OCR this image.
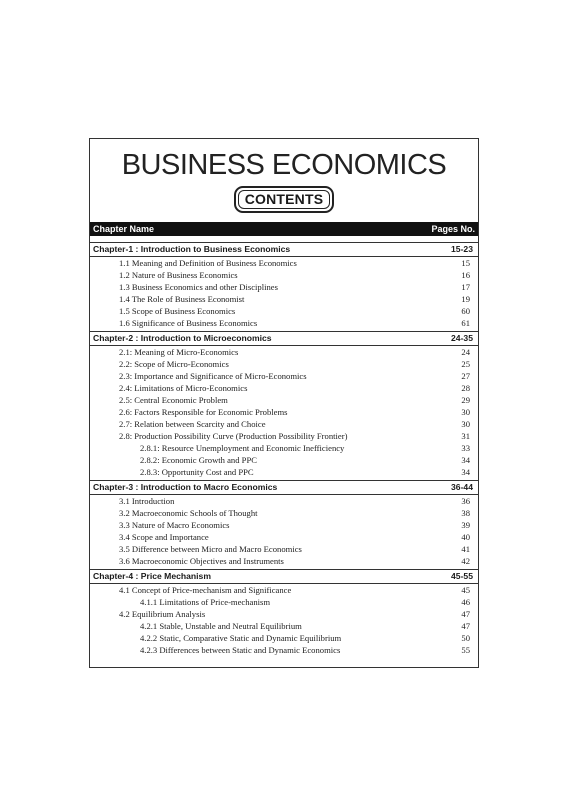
BUSINESS ECONOMICS
CONTENTS
Chapter Name	Pages No.
Chapter-1 : Introduction to Business Economics	15-23
1.1 Meaning and Definition of Business Economics	15
1.2 Nature of Business Economics	16
1.3 Business Economics and other Disciplines	17
1.4 The Role of Business Economist	19
1.5 Scope of Business Economics	60
1.6 Significance of Business Economics	61
Chapter-2 : Introduction to Microeconomics	24-35
2.1: Meaning of Micro-Economics	24
2.2: Scope of Micro-Economics	25
2.3: Importance and Significance of Micro-Economics	27
2.4: Limitations of Micro-Economics	28
2.5: Central Economic Problem	29
2.6: Factors Responsible for Economic Problems	30
2.7: Relation between Scarcity and Choice	30
2.8: Production Possibility Curve (Production Possibility Frontier)	31
2.8.1: Resource Unemployment and Economic Inefficiency	33
2.8.2: Economic Growth and PPC	34
2.8.3: Opportunity Cost and PPC	34
Chapter-3 : Introduction to Macro Economics	36-44
3.1 Introduction	36
3.2 Macroeconomic Schools of Thought	38
3.3 Nature of Macro Economics	39
3.4 Scope and Importance	40
3.5 Difference between Micro and Macro Economics	41
3.6 Macroeconomic Objectives and Instruments	42
Chapter-4 : Price Mechanism	45-55
4.1 Concept of Price-mechanism and Significance	45
4.1.1 Limitations of Price-mechanism	46
4.2 Equilibrium Analysis	47
4.2.1 Stable, Unstable and Neutral Equilibrium	47
4.2.2 Static, Comparative Static and Dynamic Equilibrium	50
4.2.3 Differences between Static and Dynamic Economics	55
